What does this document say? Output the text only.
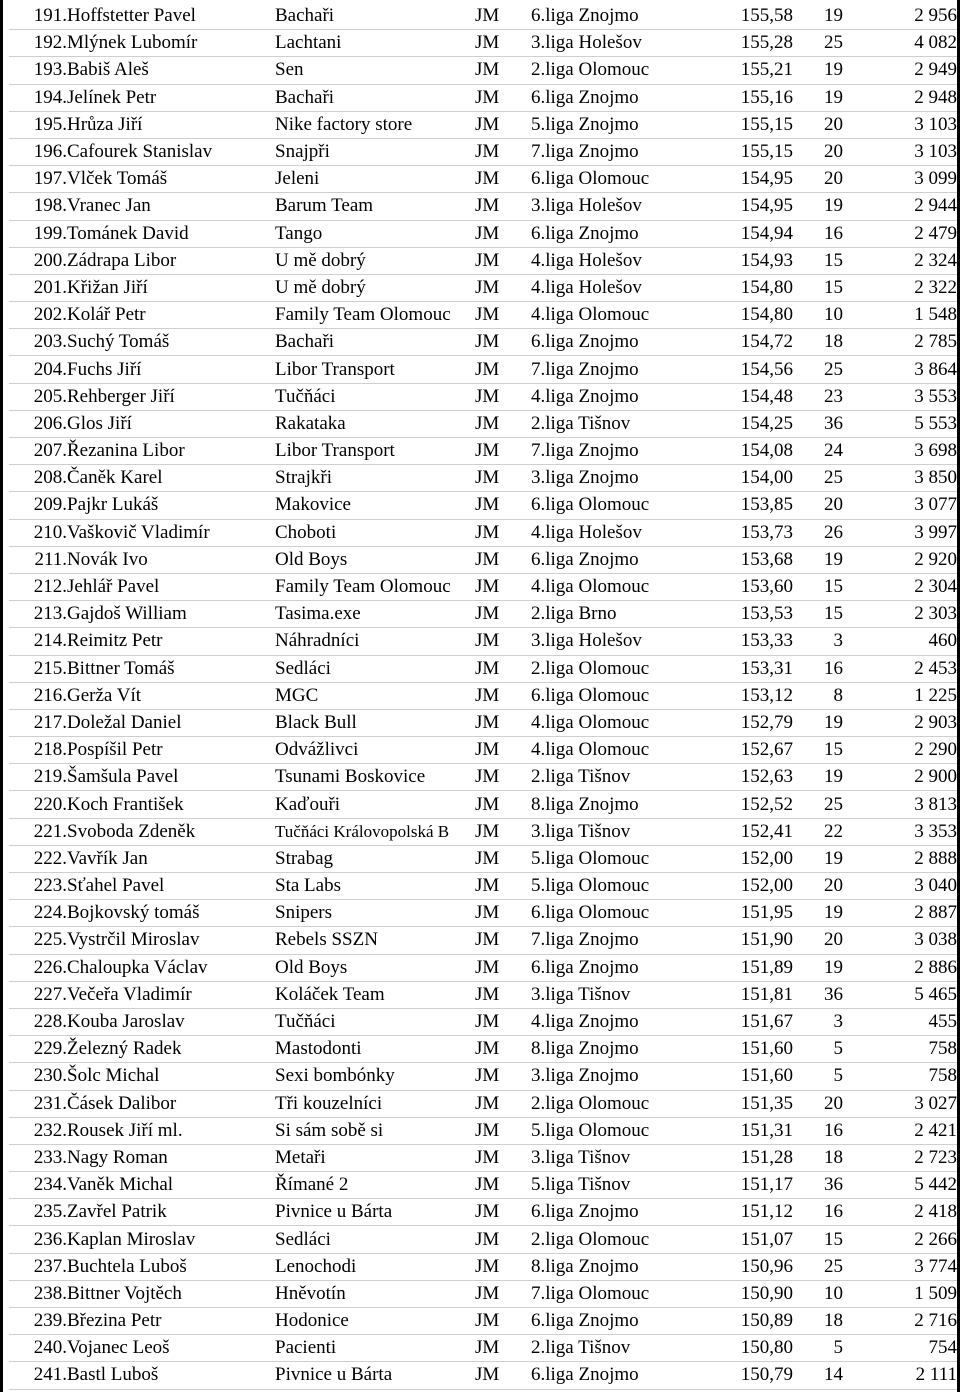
191.	Hoffstetter Pavel	Bachaři	JM	6.liga Znojmo	155,58	19	2 956
192.	Mlýnek Lubomír	Lachtani	JM	3.liga Holešov	155,28	25	4 082
193.	Babiš Aleš	Sen	JM	2.liga Olomouc	155,21	19	2 949
194.	Jelínek Petr	Bachaři	JM	6.liga Znojmo	155,16	19	2 948
195.	Hrůza Jiří	Nike factory store	JM	5.liga Znojmo	155,15	20	3 103
196.	Cafourek Stanislav	Snajpři	JM	7.liga Znojmo	155,15	20	3 103
197.	Vlček Tomáš	Jeleni	JM	6.liga Olomouc	154,95	20	3 099
198.	Vranec Jan	Barum Team	JM	3.liga Holešov	154,95	19	2 944
199.	Tománek David	Tango	JM	6.liga Znojmo	154,94	16	2 479
200.	Zádrapa Libor	U mě dobrý	JM	4.liga Holešov	154,93	15	2 324
201.	Křižan Jiří	U mě dobrý	JM	4.liga Holešov	154,80	15	2 322
202.	Kolář Petr	Family Team Olomouc	JM	4.liga Olomouc	154,80	10	1 548
203.	Suchý Tomáš	Bachaři	JM	6.liga Znojmo	154,72	18	2 785
204.	Fuchs Jiří	Libor Transport	JM	7.liga Znojmo	154,56	25	3 864
205.	Rehberger Jiří	Tučňáci	JM	4.liga Znojmo	154,48	23	3 553
206.	Glos Jiří	Rakataka	JM	2.liga Tišnov	154,25	36	5 553
207.	Řezanina Libor	Libor Transport	JM	7.liga Znojmo	154,08	24	3 698
208.	Čaněk Karel	Strajkři	JM	3.liga Znojmo	154,00	25	3 850
209.	Pajkr Lukáš	Makovice	JM	6.liga Olomouc	153,85	20	3 077
210.	Vaškovič Vladimír	Choboti	JM	4.liga Holešov	153,73	26	3 997
211.	Novák Ivo	Old Boys	JM	6.liga Znojmo	153,68	19	2 920
212.	Jehlář Pavel	Family Team Olomouc	JM	4.liga Olomouc	153,60	15	2 304
213.	Gajdoš William	Tasima.exe	JM	2.liga Brno	153,53	15	2 303
214.	Reimitz Petr	Náhradníci	JM	3.liga Holešov	153,33	3	460
215.	Bittner Tomáš	Sedláci	JM	2.liga Olomouc	153,31	16	2 453
216.	Gerža Vít	MGC	JM	6.liga Olomouc	153,12	8	1 225
217.	Doležal Daniel	Black Bull	JM	4.liga Olomouc	152,79	19	2 903
218.	Pospíšil Petr	Odvážlivci	JM	4.liga Olomouc	152,67	15	2 290
219.	Šamšula Pavel	Tsunami Boskovice	JM	2.liga Tišnov	152,63	19	2 900
220.	Koch František	Kaďouři	JM	8.liga Znojmo	152,52	25	3 813
221.	Svoboda Zdeněk	Tučňáci Královopolská B	JM	3.liga Tišnov	152,41	22	3 353
222.	Vavřík Jan	Strabag	JM	5.liga Olomouc	152,00	19	2 888
223.	Sťahel Pavel	Sta Labs	JM	5.liga Olomouc	152,00	20	3 040
224.	Bojkovský tomáš	Snipers	JM	6.liga Olomouc	151,95	19	2 887
225.	Vystrčil Miroslav	Rebels SSZN	JM	7.liga Znojmo	151,90	20	3 038
226.	Chaloupka Václav	Old Boys	JM	6.liga Znojmo	151,89	19	2 886
227.	Večeřa Vladimír	Koláček Team	JM	3.liga Tišnov	151,81	36	5 465
228.	Kouba Jaroslav	Tučňáci	JM	4.liga Znojmo	151,67	3	455
229.	Železný Radek	Mastodonti	JM	8.liga Znojmo	151,60	5	758
230.	Šolc Michal	Sexi bombónky	JM	3.liga Znojmo	151,60	5	758
231.	Čásek Dalibor	Tři kouzelníci	JM	2.liga Olomouc	151,35	20	3 027
232.	Rousek Jiří ml.	Si sám sobě si	JM	5.liga Olomouc	151,31	16	2 421
233.	Nagy Roman	Metaři	JM	3.liga Tišnov	151,28	18	2 723
234.	Vaněk Michal	Římané 2	JM	5.liga Tišnov	151,17	36	5 442
235.	Zavřel Patrik	Pivnice u Bárta	JM	6.liga Znojmo	151,12	16	2 418
236.	Kaplan Miroslav	Sedláci	JM	2.liga Olomouc	151,07	15	2 266
237.	Buchtela Luboš	Lenochodi	JM	8.liga Znojmo	150,96	25	3 774
238.	Bittner Vojtěch	Hněvotín	JM	7.liga Olomouc	150,90	10	1 509
239.	Březina Petr	Hodonice	JM	6.liga Znojmo	150,89	18	2 716
240.	Vojanec Leoš	Pacienti	JM	2.liga Tišnov	150,80	5	754
241.	Bastl Luboš	Pivnice u Bárta	JM	6.liga Znojmo	150,79	14	2 111
